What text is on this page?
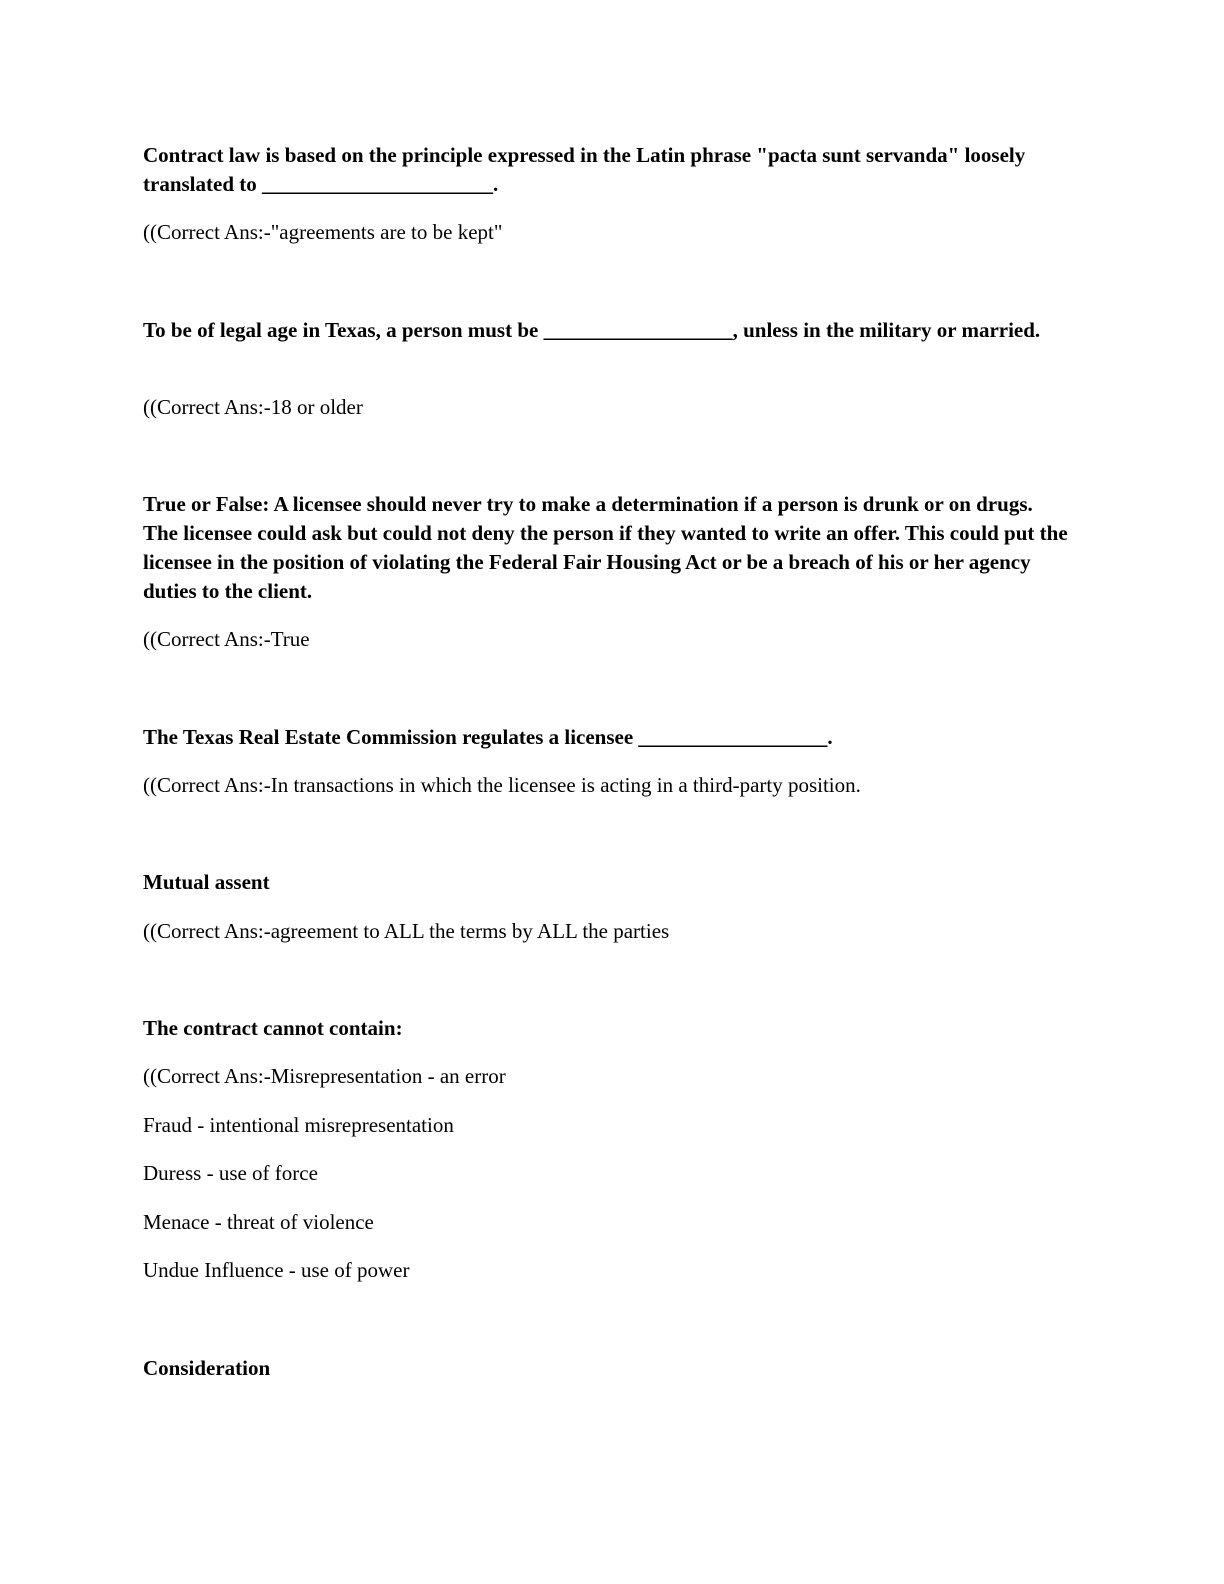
Contract law is based on the principle expressed in the Latin phrase "pacta sunt servanda" loosely translated to ______________________.

((Correct Ans:-"agreements are to be kept"

To be of legal age in Texas, a person must be __________________, unless in the military or married.

((Correct Ans:-18 or older

True or False: A licensee should never try to make a determination if a person is drunk or on drugs. The licensee could ask but could not deny the person if they wanted to write an offer. This could put the licensee in the position of violating the Federal Fair Housing Act or be a breach of his or her agency duties to the client.

((Correct Ans:-True

The Texas Real Estate Commission regulates a licensee __________________.

((Correct Ans:-In transactions in which the licensee is acting in a third-party position.

Mutual assent

((Correct Ans:-agreement to ALL the terms by ALL the parties

The contract cannot contain:

((Correct Ans:-Misrepresentation - an error

Fraud - intentional misrepresentation

Duress - use of force

Menace - threat of violence

Undue Influence - use of power

Consideration
